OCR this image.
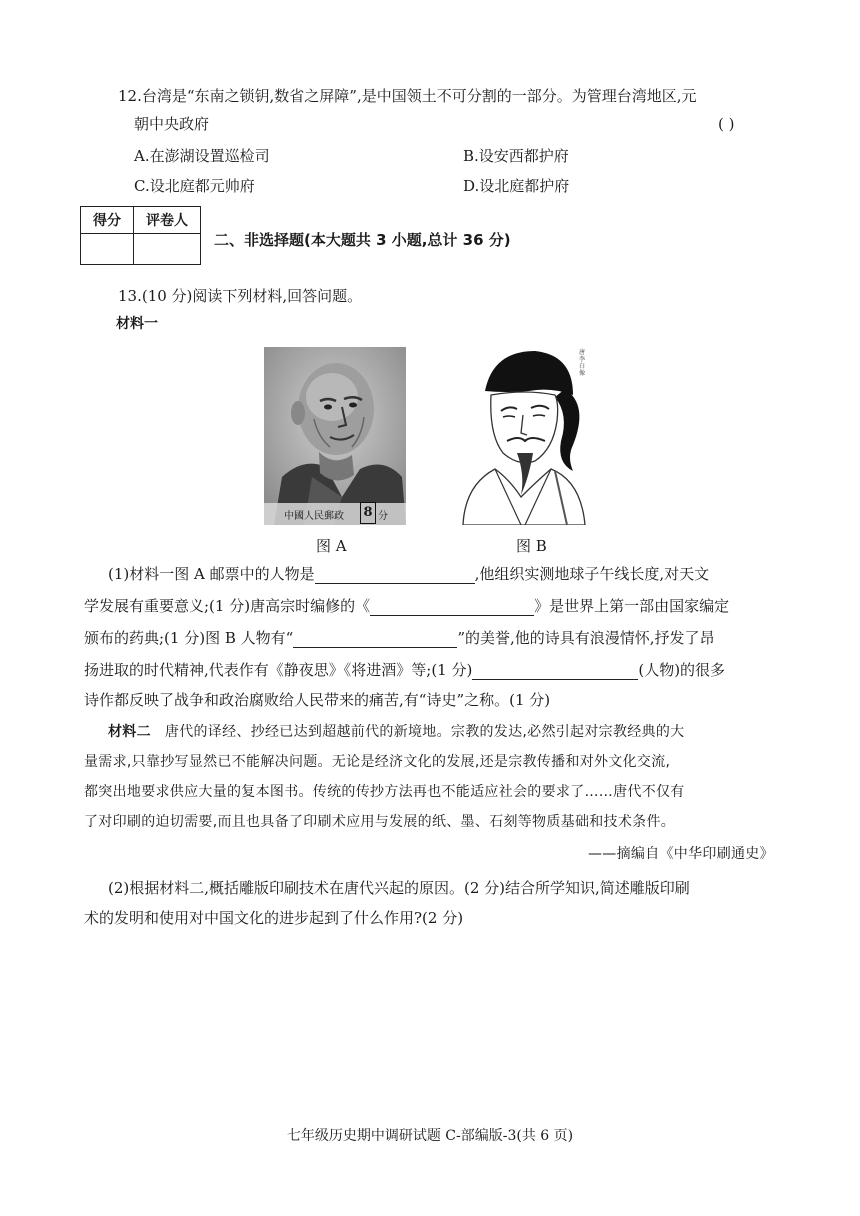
12.台湾是“东南之锁钥,数省之屏障”,是中国领土不可分割的一部分。为管理台湾地区,元
朝中央政府	( )
A.在澎湖设置巡检司	B.设安西都护府
C.设北庭都元帅府	D.设北庭都护府
得分	评卷人

二、非选择题(本大题共 3 小题,总计 36 分)
13.(10 分)阅读下列材料,回答问题。
材料一
中國人民郵政 8 分
唐李白像
图 A	图 B
(1)材料一图 A 邮票中的人物是	,他组织实测地球子午线长度,对天文
学发展有重要意义;(1 分)唐高宗时编修的《	》是世界上第一部由国家编定
颁布的药典;(1 分)图 B 人物有“	”的美誉,他的诗具有浪漫情怀,抒发了昂
扬进取的时代精神,代表作有《静夜思》《将进酒》等;(1 分)	(人物)的很多
诗作都反映了战争和政治腐败给人民带来的痛苦,有“诗史”之称。(1 分)
材料二 唐代的译经、抄经已达到超越前代的新境地。宗教的发达,必然引起对宗教经典的大
量需求,只靠抄写显然已不能解决问题。无论是经济文化的发展,还是宗教传播和对外文化交流,
都突出地要求供应大量的复本图书。传统的传抄方法再也不能适应社会的要求了……唐代不仅有
了对印刷的迫切需要,而且也具备了印刷术应用与发展的纸、墨、石刻等物质基础和技术条件。
——摘编自《中华印刷通史》
(2)根据材料二,概括雕版印刷技术在唐代兴起的原因。(2 分)结合所学知识,简述雕版印刷
术的发明和使用对中国文化的进步起到了什么作用?(2 分)
七年级历史期中调研试题 C-部编版-3(共 6 页)
